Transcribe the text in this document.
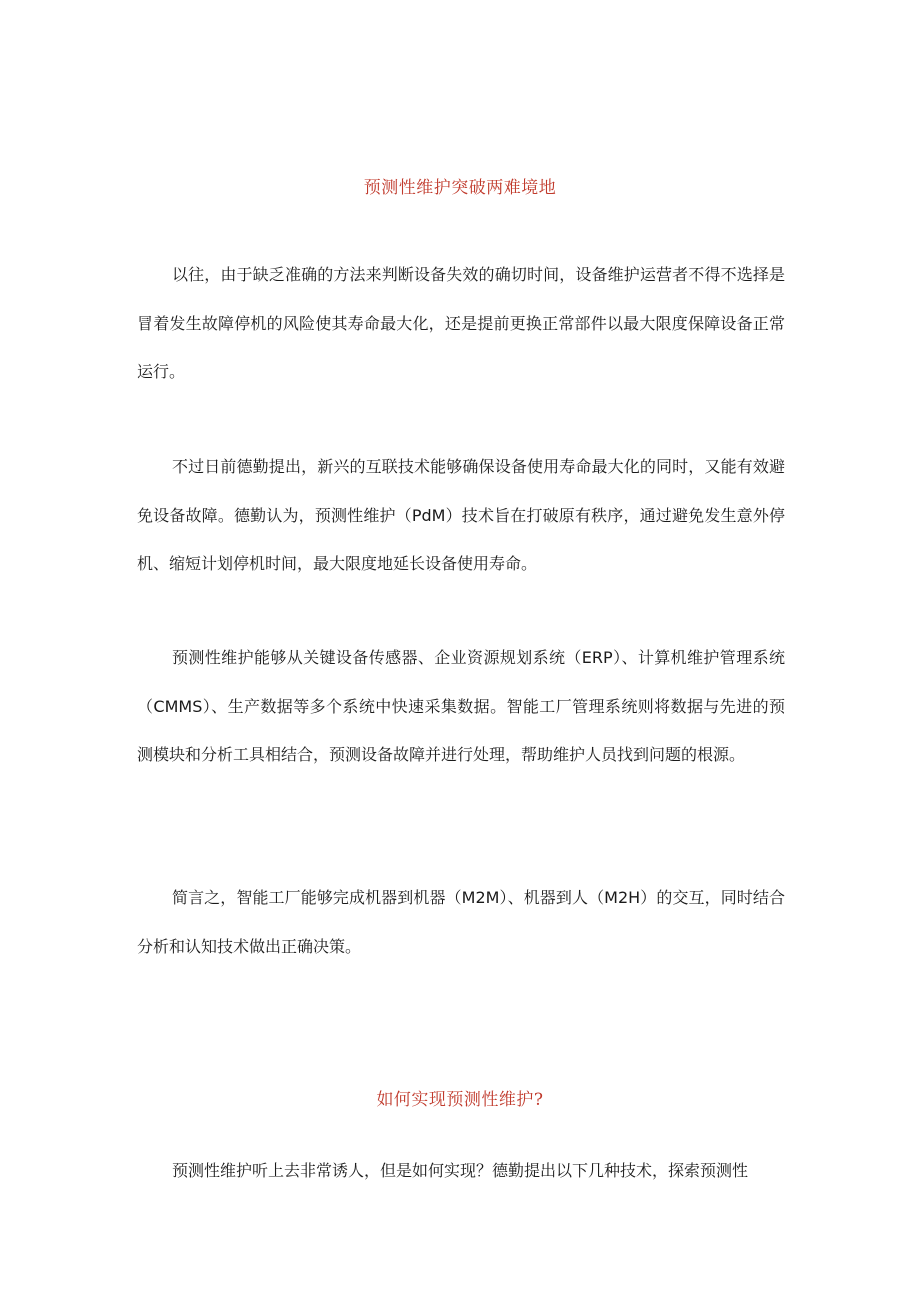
预测性维护突破两难境地
以往，由于缺乏准确的方法来判断设备失效的确切时间，设备维护运营者不得不选择是冒着发生故障停机的风险使其寿命最大化，还是提前更换正常部件以最大限度保障设备正常运行。
不过日前德勤提出，新兴的互联技术能够确保设备使用寿命最大化的同时，又能有效避免设备故障。德勤认为，预测性维护（PdM）技术旨在打破原有秩序，通过避免发生意外停机、缩短计划停机时间，最大限度地延长设备使用寿命。
预测性维护能够从关键设备传感器、企业资源规划系统（ERP）、计算机维护管理系统（CMMS）、生产数据等多个系统中快速采集数据。智能工厂管理系统则将数据与先进的预测模块和分析工具相结合，预测设备故障并进行处理，帮助维护人员找到问题的根源。
简言之，智能工厂能够完成机器到机器（M2M）、机器到人（M2H）的交互，同时结合分析和认知技术做出正确决策。
如何实现预测性维护?
预测性维护听上去非常诱人，但是如何实现？德勤提出以下几种技术，探索预测性
